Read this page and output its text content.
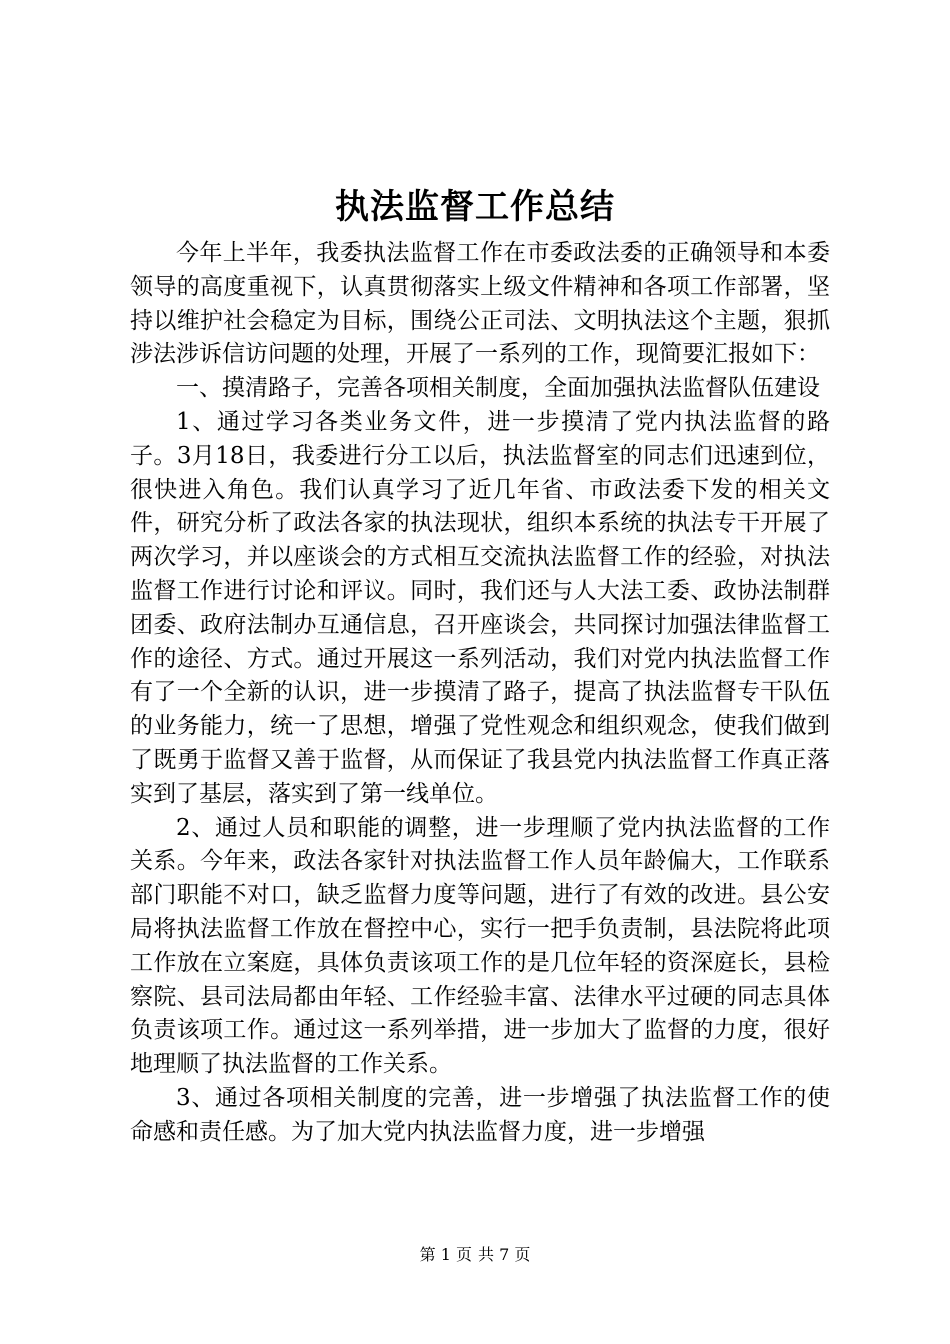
执法监督工作总结

今年上半年，我委执法监督工作在市委政法委的正确领导和本委领导的高度重视下，认真贯彻落实上级文件精神和各项工作部署，坚持以维护社会稳定为目标，围绕公正司法、文明执法这个主题，狠抓涉法涉诉信访问题的处理，开展了一系列的工作，现简要汇报如下：

一、摸清路子，完善各项相关制度，全面加强执法监督队伍建设

1、通过学习各类业务文件，进一步摸清了党内执法监督的路子。3月18日，我委进行分工以后，执法监督室的同志们迅速到位，很快进入角色。我们认真学习了近几年省、市政法委下发的相关文件，研究分析了政法各家的执法现状，组织本系统的执法专干开展了两次学习，并以座谈会的方式相互交流执法监督工作的经验，对执法监督工作进行讨论和评议。同时，我们还与人大法工委、政协法制群团委、政府法制办互通信息，召开座谈会，共同探讨加强法律监督工作的途径、方式。通过开展这一系列活动，我们对党内执法监督工作有了一个全新的认识，进一步摸清了路子，提高了执法监督专干队伍的业务能力，统一了思想，增强了党性观念和组织观念，使我们做到了既勇于监督又善于监督，从而保证了我县党内执法监督工作真正落实到了基层，落实到了第一线单位。

2、通过人员和职能的调整，进一步理顺了党内执法监督的工作关系。今年来，政法各家针对执法监督工作人员年龄偏大，工作联系部门职能不对口，缺乏监督力度等问题，进行了有效的改进。县公安局将执法监督工作放在督控中心，实行一把手负责制，县法院将此项工作放在立案庭，具体负责该项工作的是几位年轻的资深庭长，县检察院、县司法局都由年轻、工作经验丰富、法律水平过硬的同志具体负责该项工作。通过这一系列举措，进一步加大了监督的力度，很好地理顺了执法监督的工作关系。

3、通过各项相关制度的完善，进一步增强了执法监督工作的使命感和责任感。为了加大党内执法监督力度，进一步增强

第 1 页 共 7 页
